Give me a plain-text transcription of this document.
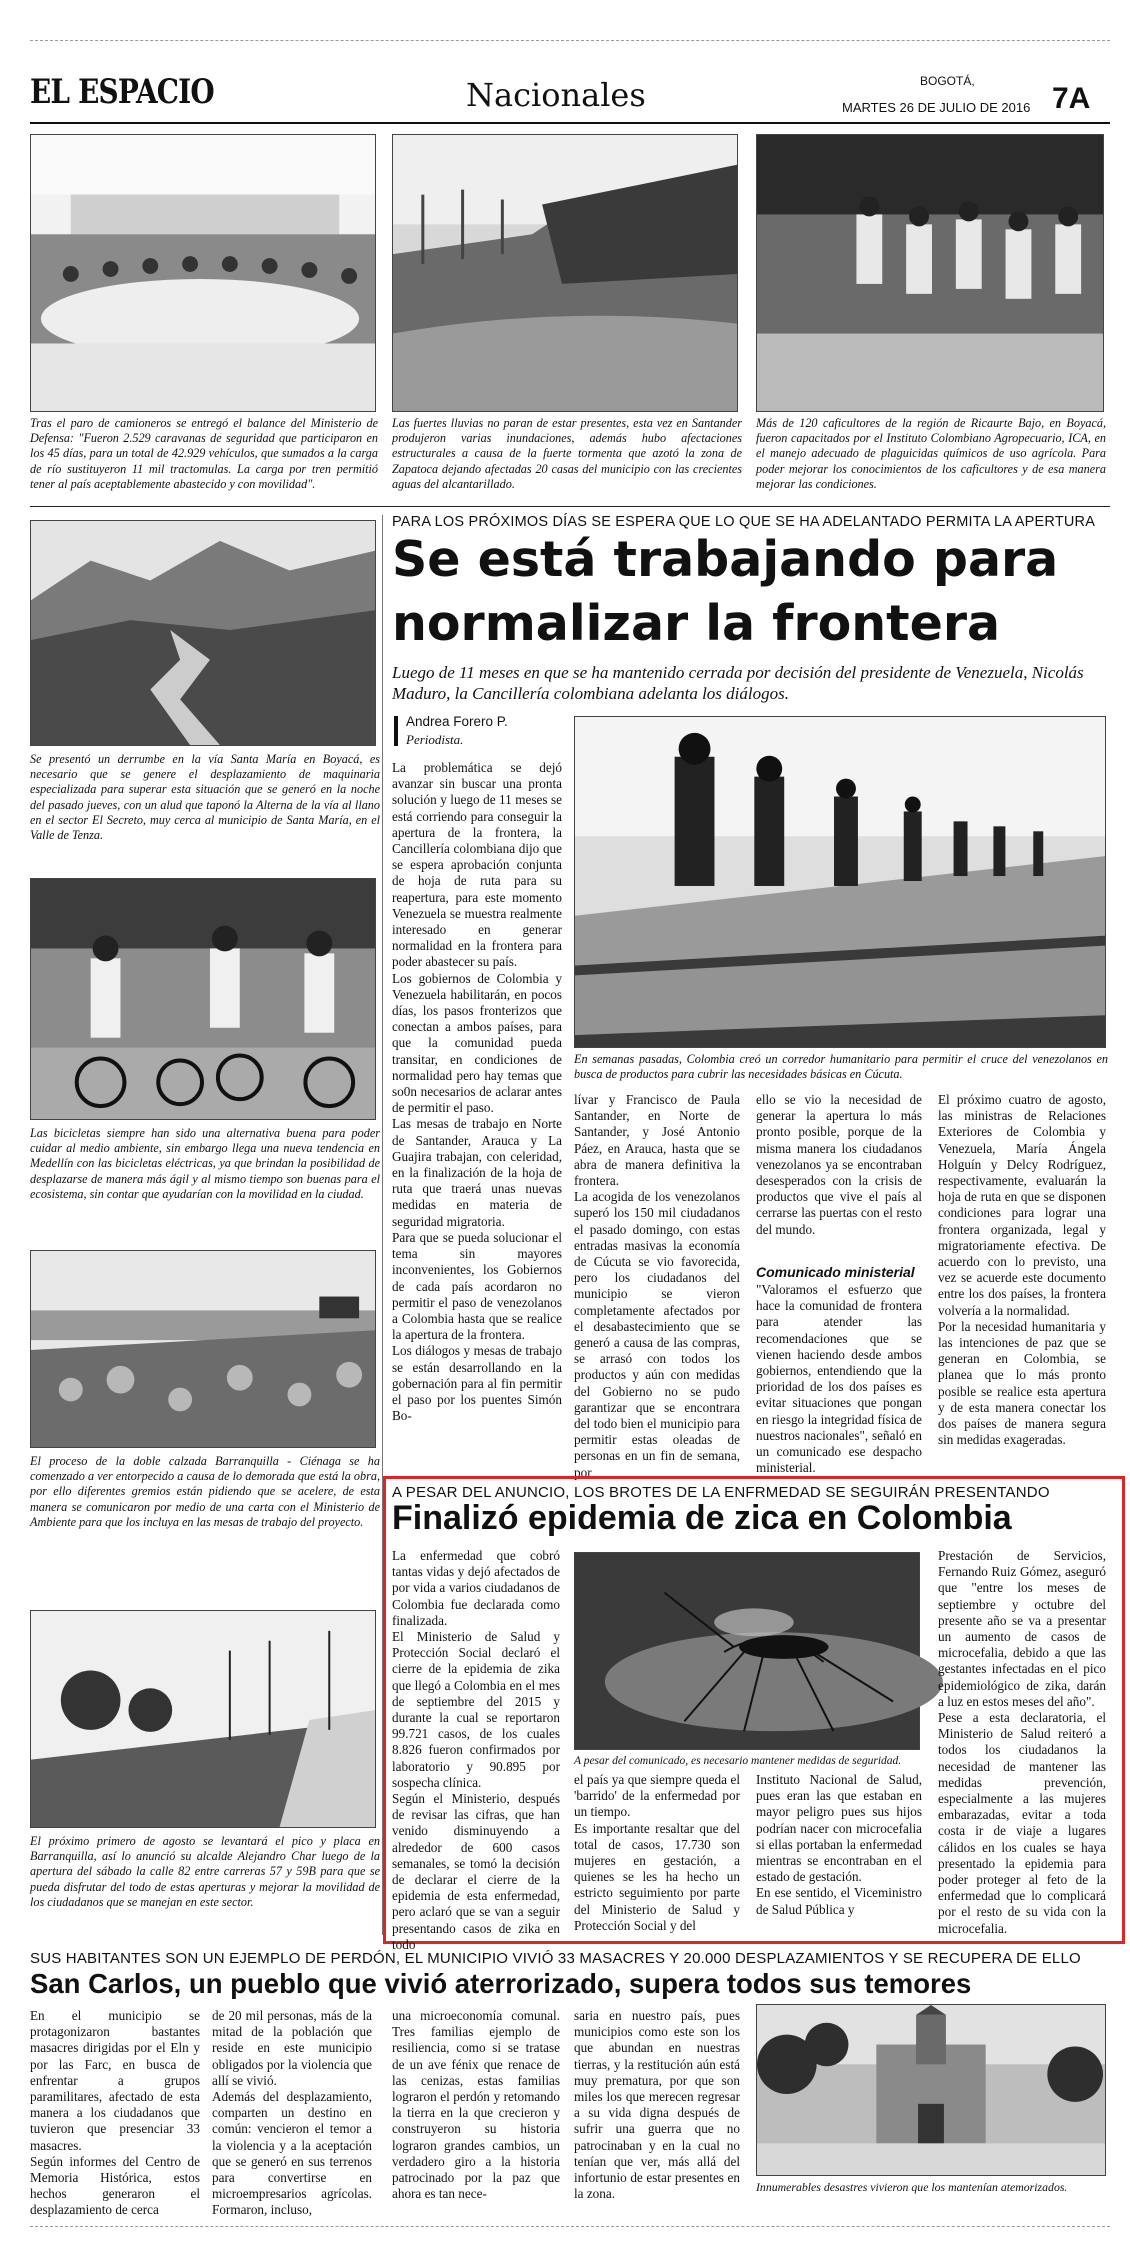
EL ESPACIO	Nacionales	BOGOTÁ,
MARTES 26 DE JULIO DE 2016 7A
Tras el paro de camioneros se entregó el balance del Ministerio de Defensa: "Fueron 2.529 caravanas de seguridad que participaron en los 45 días, para un total de 42.929 vehículos, que sumados a la carga de río sustituyeron 11 mil tractomulas. La carga por tren permitió tener al país aceptablemente abastecido y con movilidad".
Las fuertes lluvias no paran de estar presentes, esta vez en Santander produjeron varias inundaciones, además hubo afectaciones estructurales a causa de la fuerte tormenta que azotó la zona de Zapatoca dejando afectadas 20 casas del municipio con las crecientes aguas del alcantarillado.
Más de 120 caficultores de la región de Ricaurte Bajo, en Boyacá, fueron capacitados por el Instituto Colombiano Agropecuario, ICA, en el manejo adecuado de plaguicidas químicos de uso agrícola. Para poder mejorar los conocimientos de los caficultores y de esa manera mejorar las condiciones.
Se presentó un derrumbe en la vía Santa María en Boyacá, es necesario que se genere el desplazamiento de maquinaria especializada para superar esta situación que se generó en la noche del pasado jueves, con un alud que taponó la Alterna de la vía al llano en el sector El Secreto, muy cerca al municipio de Santa María, en el Valle de Tenza.
Las bicicletas siempre han sido una alternativa buena para poder cuidar al medio ambiente, sin embargo llega una nueva tendencia en Medellín con las bicicletas eléctricas, ya que brindan la posibilidad de desplazarse de manera más ágil y al mismo tiempo son buenas para el ecosistema, sin contar que ayudarían con la movilidad en la ciudad.
El proceso de la doble calzada Barranquilla - Ciénaga se ha comenzado a ver entorpecido a causa de lo demorada que está la obra, por ello diferentes gremios están pidiendo que se acelere, de esta manera se comunicaron por medio de una carta con el Ministerio de Ambiente para que los incluya en las mesas de trabajo del proyecto.
El próximo primero de agosto se levantará el pico y placa en Barranquilla, así lo anunció su alcalde Alejandro Char luego de la apertura del sábado la calle 82 entre carreras 57 y 59B para que se pueda disfrutar del todo de estas aperturas y mejorar la movilidad de los ciudadanos que se manejan en este sector.
PARA LOS PRÓXIMOS DÍAS SE ESPERA QUE LO QUE SE HA ADELANTADO PERMITA LA APERTURA
Se está trabajando para
normalizar la frontera
Luego de 11 meses en que se ha mantenido cerrada por decisión del presidente de Venezuela, Nicolás Maduro, la Cancillería colombiana adelanta los diálogos.
Andrea Forero P.
Periodista.
La problemática se dejó avanzar sin buscar una pronta solución y luego de 11 meses se está corriendo para conseguir la apertura de la frontera, la Cancillería colombiana dijo que se espera aprobación conjunta de hoja de ruta para su reapertura, para este momento Venezuela se muestra realmente interesado en generar normalidad en la frontera para poder abastecer su país.
Los gobiernos de Colombia y Venezuela habilitarán, en pocos días, los pasos fronterizos que conectan a ambos países, para que la comunidad pueda transitar, en condiciones de normalidad pero hay temas que so0n necesarios de aclarar antes de permitir el paso.
Las mesas de trabajo en Norte de Santander, Arauca y La Guajira trabajan, con celeridad, en la finalización de la hoja de ruta que traerá unas nuevas medidas en materia de seguridad migratoria.
Para que se pueda solucionar el tema sin mayores inconvenientes, los Gobiernos de cada país acordaron no permitir el paso de venezolanos a Colombia hasta que se realice la apertura de la frontera.
Los diálogos y mesas de trabajo se están desarrollando en la gobernación para al fin permitir el paso por los puentes Simón Bo-
En semanas pasadas, Colombia creó un corredor humanitario para permitir el cruce del venezolanos en busca de productos para cubrir las necesidades básicas en Cúcuta.
lívar y Francisco de Paula Santander, en Norte de Santander, y José Antonio Páez, en Arauca, hasta que se abra de manera definitiva la frontera.
La acogida de los venezolanos superó los 150 mil ciudadanos el pasado domingo, con estas entradas masivas la economía de Cúcuta se vio favorecida, pero los ciudadanos del municipio se vieron completamente afectados por el desabastecimiento que se generó a causa de las compras, se arrasó con todos los productos y aún con medidas del Gobierno no se pudo garantizar que se encontrara del todo bien el municipio para permitir estas oleadas de personas en un fin de semana, por
ello se vio la necesidad de generar la apertura lo más pronto posible, porque de la misma manera los ciudadanos venezolanos ya se encontraban desesperados con la crisis de productos que vive el país al cerrarse las puertas con el resto del mundo.
Comunicado ministerial
"Valoramos el esfuerzo que hace la comunidad de frontera para atender las recomendaciones que se vienen haciendo desde ambos gobiernos, entendiendo que la prioridad de los dos países es evitar situaciones que pongan en riesgo la integridad física de nuestros nacionales", señaló en un comunicado ese despacho ministerial.
El próximo cuatro de agosto, las ministras de Relaciones Exteriores de Colombia y Venezuela, María Ángela Holguín y Delcy Rodríguez, respectivamente, evaluarán la hoja de ruta en que se disponen condiciones para lograr una frontera organizada, legal y migratoriamente efectiva. De acuerdo con lo previsto, una vez se acuerde este documento entre los dos países, la frontera volvería a la normalidad.
Por la necesidad humanitaria y las intenciones de paz que se generan en Colombia, se planea que lo más pronto posible se realice esta apertura y de esta manera conectar los dos países de manera segura sin medidas exageradas.
A PESAR DEL ANUNCIO, LOS BROTES DE LA ENFRMEDAD SE SEGUIRÁN PRESENTANDO
Finalizó epidemia de zica en Colombia
La enfermedad que cobró tantas vidas y dejó afectados de por vida a varios ciudadanos de Colombia fue declarada como finalizada.
El Ministerio de Salud y Protección Social declaró el cierre de la epidemia de zika que llegó a Colombia en el mes de septiembre del 2015 y durante la cual se reportaron 99.721 casos, de los cuales 8.826 fueron confirmados por laboratorio y 90.895 por sospecha clínica.
Según el Ministerio, después de revisar las cifras, que han venido disminuyendo a alrededor de 600 casos semanales, se tomó la decisión de declarar el cierre de la epidemia de esta enfermedad, pero aclaró que se van a seguir presentando casos de zika en todo
A pesar del comunicado, es necesario mantener medidas de seguridad.
el país ya que siempre queda el 'barrido' de la enfermedad por un tiempo.
Es importante resaltar que del total de casos, 17.730 son mujeres en gestación, a quienes se les ha hecho un estricto seguimiento por parte del Ministerio de Salud y Protección Social y del
Instituto Nacional de Salud, pues eran las que estaban en mayor peligro pues sus hijos podrían nacer con microcefalia si ellas portaban la enfermedad mientras se encontraban en el estado de gestación.
En ese sentido, el Viceministro de Salud Pública y
Prestación de Servicios, Fernando Ruiz Gómez, aseguró que "entre los meses de septiembre y octubre del presente año se va a presentar un aumento de casos de microcefalia, debido a que las gestantes infectadas en el pico epidemiológico de zika, darán a luz en estos meses del año".
Pese a esta declaratoria, el Ministerio de Salud reiteró a todos los ciudadanos la necesidad de mantener las medidas prevención, especialmente a las mujeres embarazadas, evitar a toda costa ir de viaje a lugares cálidos en los cuales se haya presentado la epidemia para poder proteger al feto de la enfermedad que lo complicará por el resto de su vida con la microcefalia.
SUS HABITANTES SON UN EJEMPLO DE PERDÓN, EL MUNICIPIO VIVIÓ 33 MASACRES Y 20.000 DESPLAZAMIENTOS Y SE RECUPERA DE ELLO
San Carlos, un pueblo que vivió aterrorizado, supera todos sus temores
En el municipio se protagonizaron bastantes masacres dirigidas por el Eln y por las Farc, en busca de enfrentar a grupos paramilitares, afectado de esta manera a los ciudadanos que tuvieron que presenciar 33 masacres.
Según informes del Centro de Memoria Histórica, estos hechos generaron el desplazamiento de cerca
de 20 mil personas, más de la mitad de la población que reside en este municipio obligados por la violencia que allí se vivió.
Además del desplazamiento, comparten un destino en común: vencieron el temor a la violencia y a la aceptación que se generó en sus terrenos para convertirse en microempresarios agrícolas. Formaron, incluso,
una microeconomía comunal. Tres familias ejemplo de resiliencia, como si se tratase de un ave fénix que renace de las cenizas, estas familias lograron el perdón y retomando la tierra en la que crecieron y construyeron su historia lograron grandes cambios, un verdadero giro a la historia patrocinado por la paz que ahora es tan nece-
saria en nuestro país, pues municipios como este son los que abundan en nuestras tierras, y la restitución aún está muy prematura, por que son miles los que merecen regresar a su vida digna después de sufrir una guerra que no patrocinaban y en la cual no tenían que ver, más allá del infortunio de estar presentes en la zona.	Innumerables desastres vivieron que los mantenían atemorizados.
